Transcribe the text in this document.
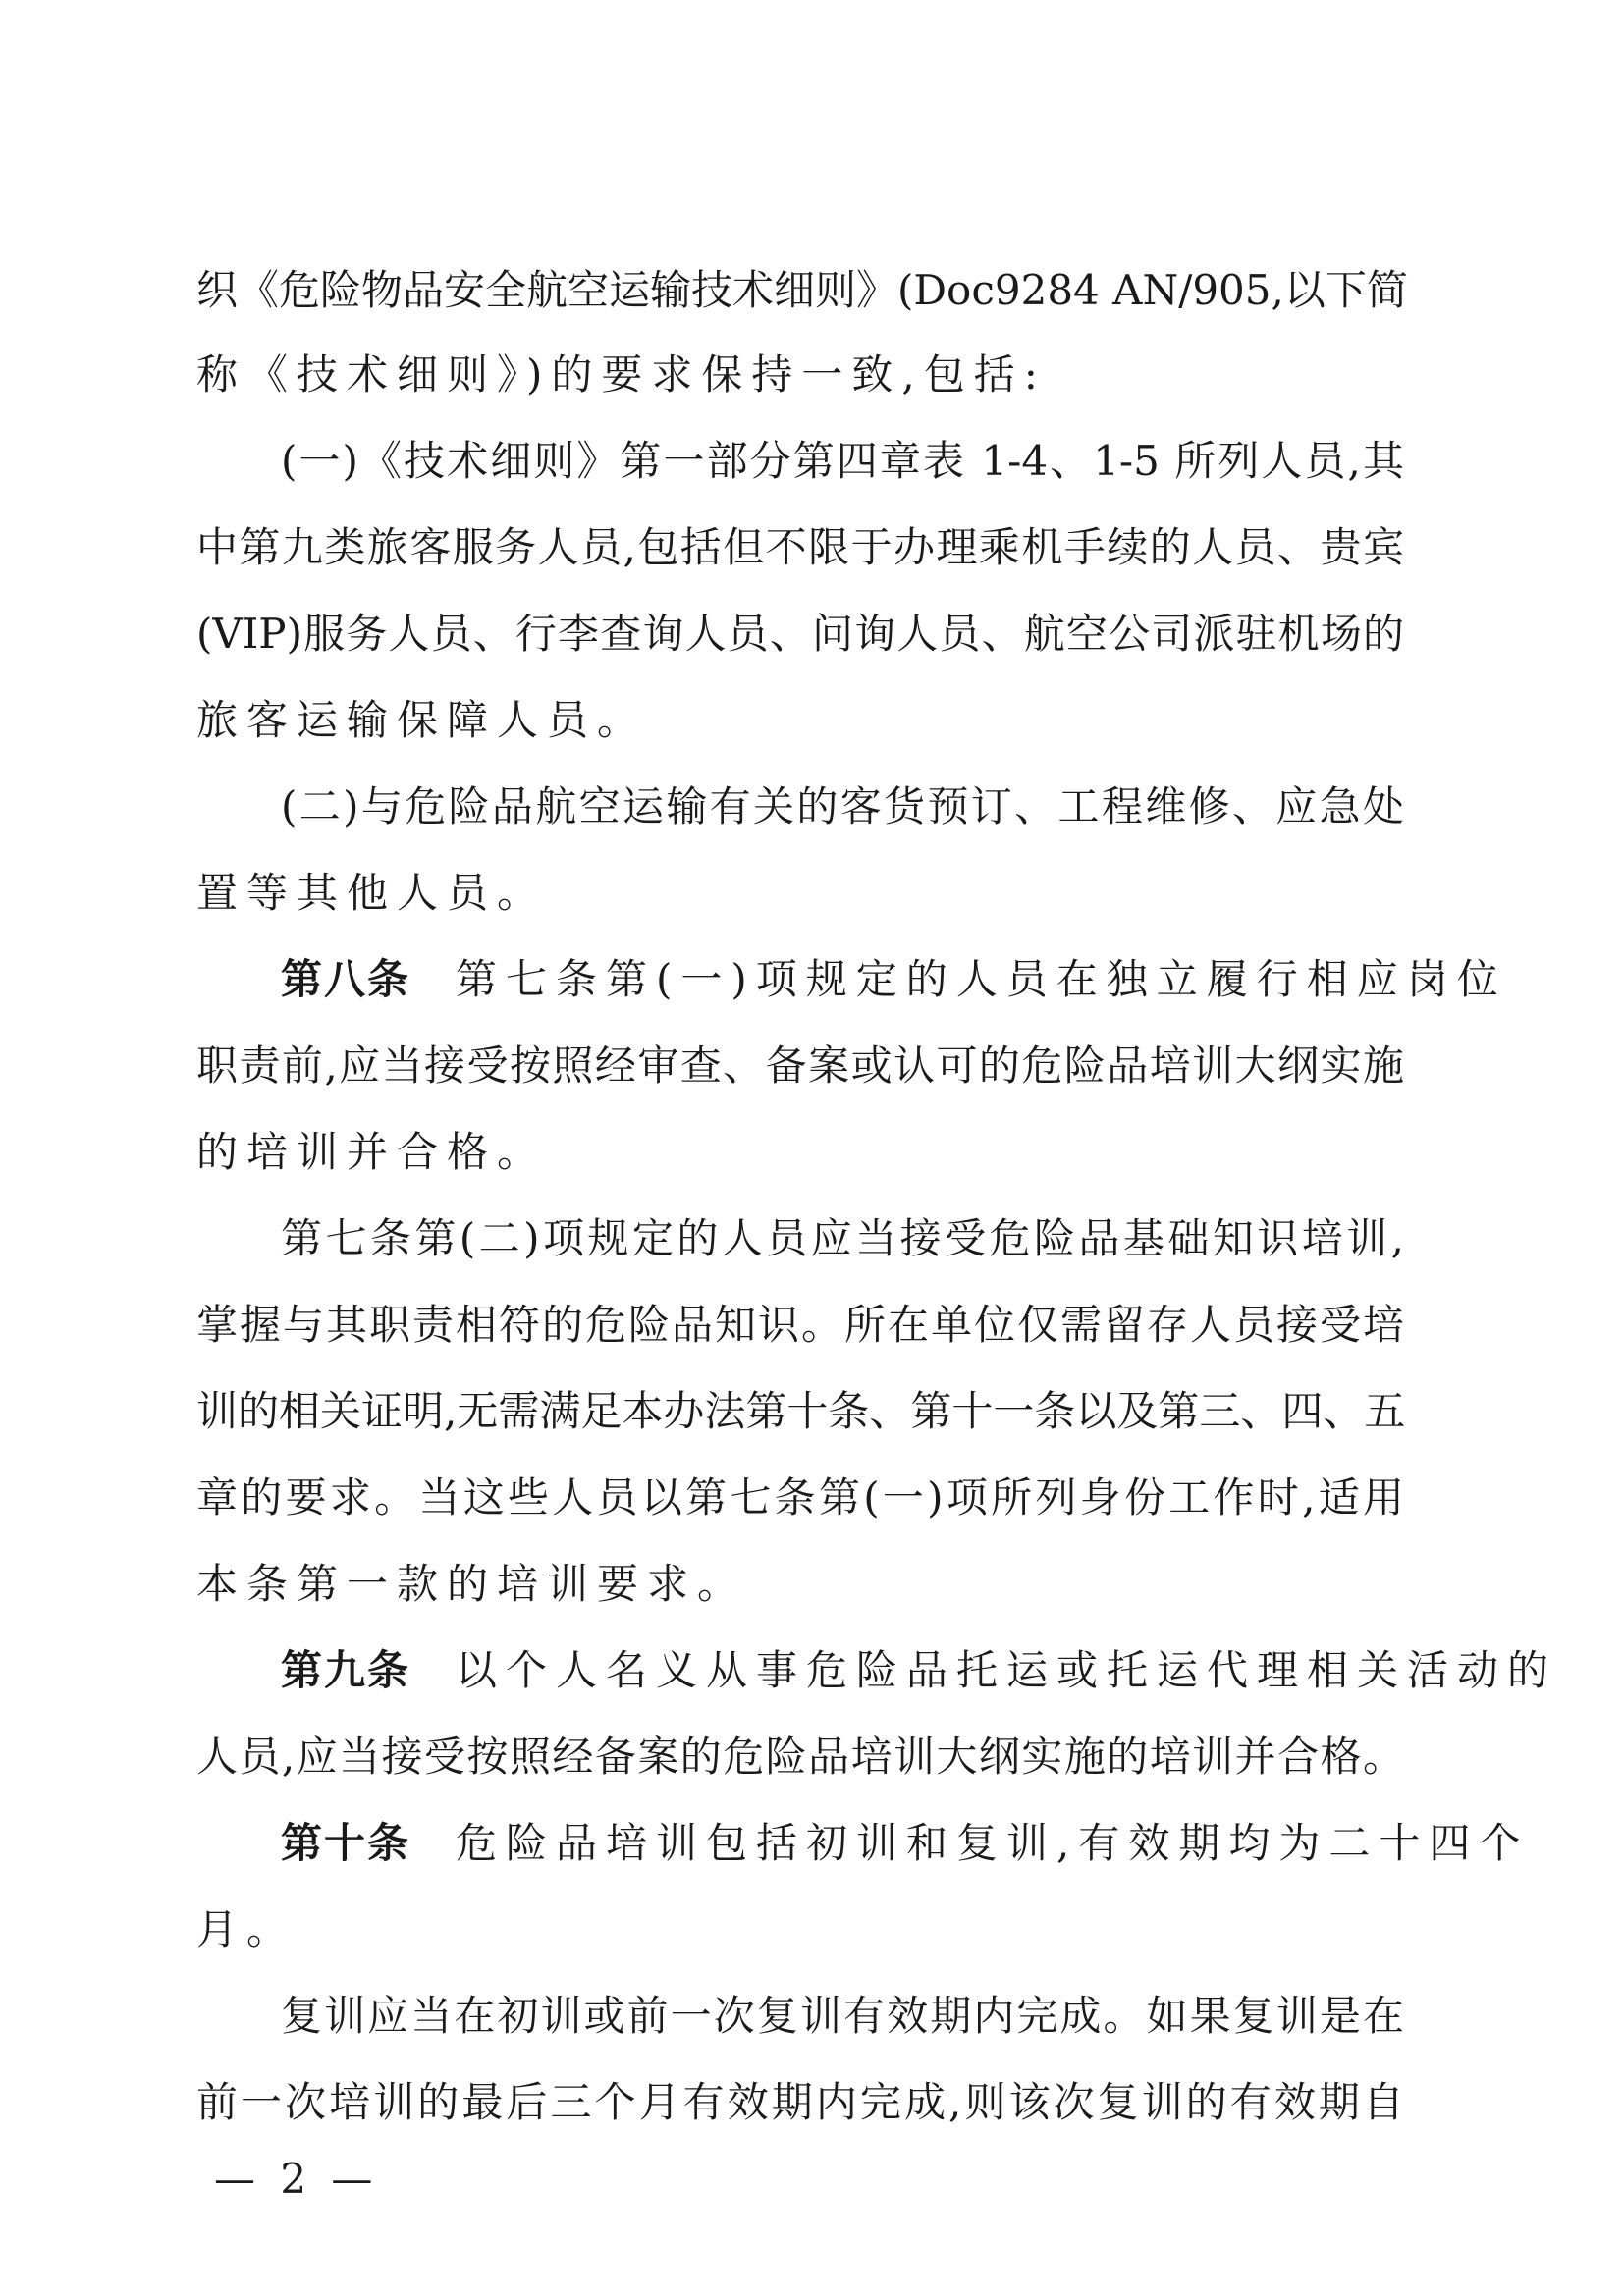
织《危险物品安全航空运输技术细则》(Doc9284 AN/905,以下简
称《技术细则》)的要求保持一致,包括:
(一)《技术细则》第一部分第四章表 1-4、1-5 所列人员,其
中第九类旅客服务人员,包括但不限于办理乘机手续的人员、贵宾
(VIP)服务人员、行李查询人员、问询人员、航空公司派驻机场的
旅客运输保障人员。
(二)与危险品航空运输有关的客货预订、工程维修、应急处
置等其他人员。
第八条 第七条第(一)项规定的人员在独立履行相应岗位
职责前,应当接受按照经审查、备案或认可的危险品培训大纲实施
的培训并合格。
第七条第(二)项规定的人员应当接受危险品基础知识培训,
掌握与其职责相符的危险品知识。所在单位仅需留存人员接受培
训的相关证明,无需满足本办法第十条、第十一条以及第三、四、五
章的要求。当这些人员以第七条第(一)项所列身份工作时,适用
本条第一款的培训要求。
第九条 以个人名义从事危险品托运或托运代理相关活动的
人员,应当接受按照经备案的危险品培训大纲实施的培训并合格。
第十条 危险品培训包括初训和复训,有效期均为二十四个
月。
复训应当在初训或前一次复训有效期内完成。如果复训是在
前一次培训的最后三个月有效期内完成,则该次复训的有效期自
— 2 —
